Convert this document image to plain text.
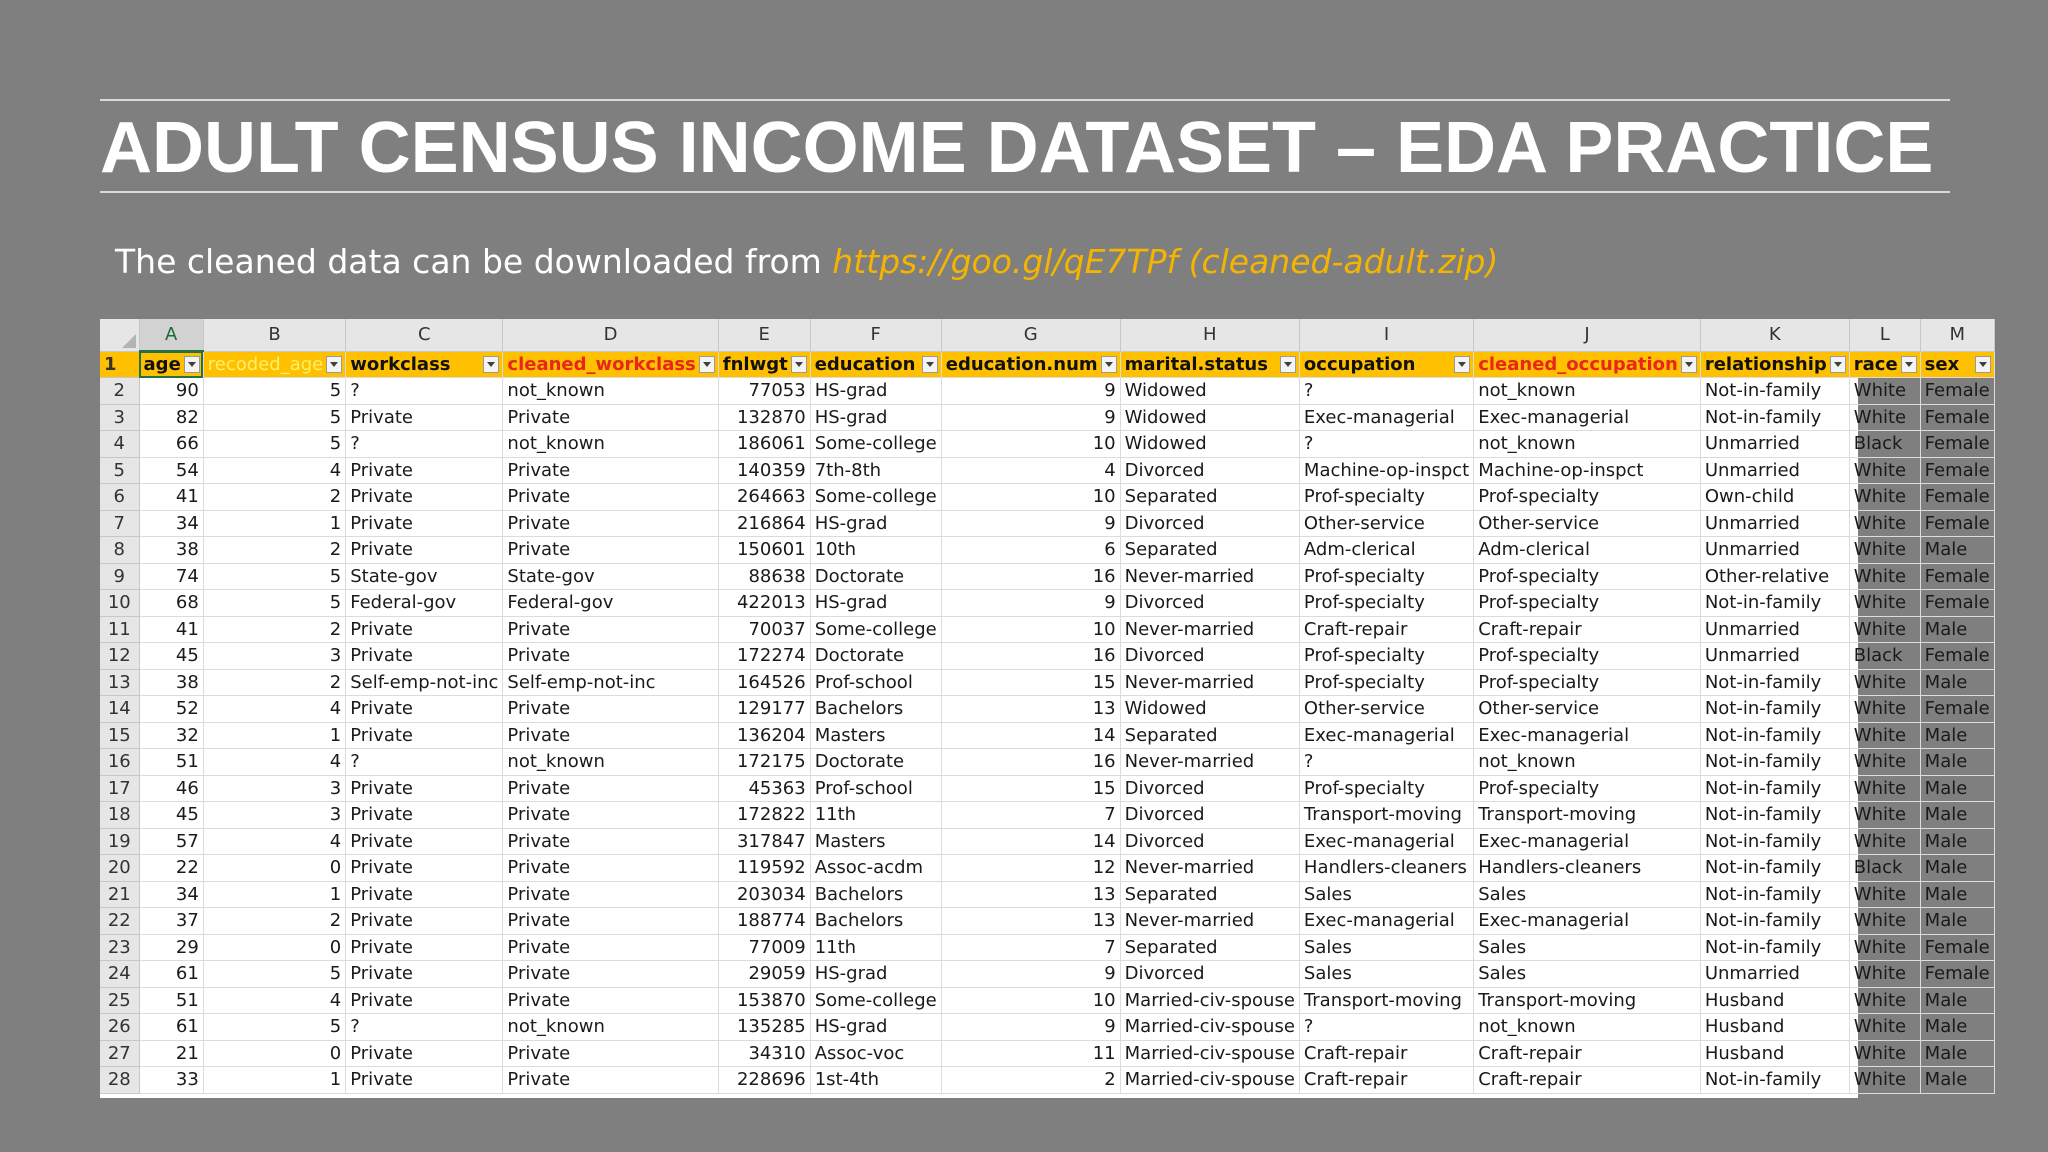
ADULT CENSUS INCOME DATASET – EDA PRACTICE
The cleaned data can be downloaded from https://goo.gl/qE7TPf (cleaned-adult.zip)
	A	B	C	D	E	F	G	H	I	J	K	L	M
1	age	recoded_age	workclass	cleaned_workclass	fnlwgt	education	education.num	marital.status	occupation	cleaned_occupation	relationship	race	sex

2	90	5	?	not_known	77053	HS-grad	9	Widowed	?	not_known	Not-in-family	White	Female
3	82	5	Private	Private	132870	HS-grad	9	Widowed	Exec-managerial	Exec-managerial	Not-in-family	White	Female
4	66	5	?	not_known	186061	Some-college	10	Widowed	?	not_known	Unmarried	Black	Female
5	54	4	Private	Private	140359	7th-8th	4	Divorced	Machine-op-inspct	Machine-op-inspct	Unmarried	White	Female
6	41	2	Private	Private	264663	Some-college	10	Separated	Prof-specialty	Prof-specialty	Own-child	White	Female
7	34	1	Private	Private	216864	HS-grad	9	Divorced	Other-service	Other-service	Unmarried	White	Female
8	38	2	Private	Private	150601	10th	6	Separated	Adm-clerical	Adm-clerical	Unmarried	White	Male
9	74	5	State-gov	State-gov	88638	Doctorate	16	Never-married	Prof-specialty	Prof-specialty	Other-relative	White	Female
10	68	5	Federal-gov	Federal-gov	422013	HS-grad	9	Divorced	Prof-specialty	Prof-specialty	Not-in-family	White	Female
11	41	2	Private	Private	70037	Some-college	10	Never-married	Craft-repair	Craft-repair	Unmarried	White	Male
12	45	3	Private	Private	172274	Doctorate	16	Divorced	Prof-specialty	Prof-specialty	Unmarried	Black	Female
13	38	2	Self-emp-not-inc	Self-emp-not-inc	164526	Prof-school	15	Never-married	Prof-specialty	Prof-specialty	Not-in-family	White	Male
14	52	4	Private	Private	129177	Bachelors	13	Widowed	Other-service	Other-service	Not-in-family	White	Female
15	32	1	Private	Private	136204	Masters	14	Separated	Exec-managerial	Exec-managerial	Not-in-family	White	Male
16	51	4	?	not_known	172175	Doctorate	16	Never-married	?	not_known	Not-in-family	White	Male
17	46	3	Private	Private	45363	Prof-school	15	Divorced	Prof-specialty	Prof-specialty	Not-in-family	White	Male
18	45	3	Private	Private	172822	11th	7	Divorced	Transport-moving	Transport-moving	Not-in-family	White	Male
19	57	4	Private	Private	317847	Masters	14	Divorced	Exec-managerial	Exec-managerial	Not-in-family	White	Male
20	22	0	Private	Private	119592	Assoc-acdm	12	Never-married	Handlers-cleaners	Handlers-cleaners	Not-in-family	Black	Male
21	34	1	Private	Private	203034	Bachelors	13	Separated	Sales	Sales	Not-in-family	White	Male
22	37	2	Private	Private	188774	Bachelors	13	Never-married	Exec-managerial	Exec-managerial	Not-in-family	White	Male
23	29	0	Private	Private	77009	11th	7	Separated	Sales	Sales	Not-in-family	White	Female
24	61	5	Private	Private	29059	HS-grad	9	Divorced	Sales	Sales	Unmarried	White	Female
25	51	4	Private	Private	153870	Some-college	10	Married-civ-spouse	Transport-moving	Transport-moving	Husband	White	Male
26	61	5	?	not_known	135285	HS-grad	9	Married-civ-spouse	?	not_known	Husband	White	Male
27	21	0	Private	Private	34310	Assoc-voc	11	Married-civ-spouse	Craft-repair	Craft-repair	Husband	White	Male
28	33	1	Private	Private	228696	1st-4th	2	Married-civ-spouse	Craft-repair	Craft-repair	Not-in-family	White	Male
